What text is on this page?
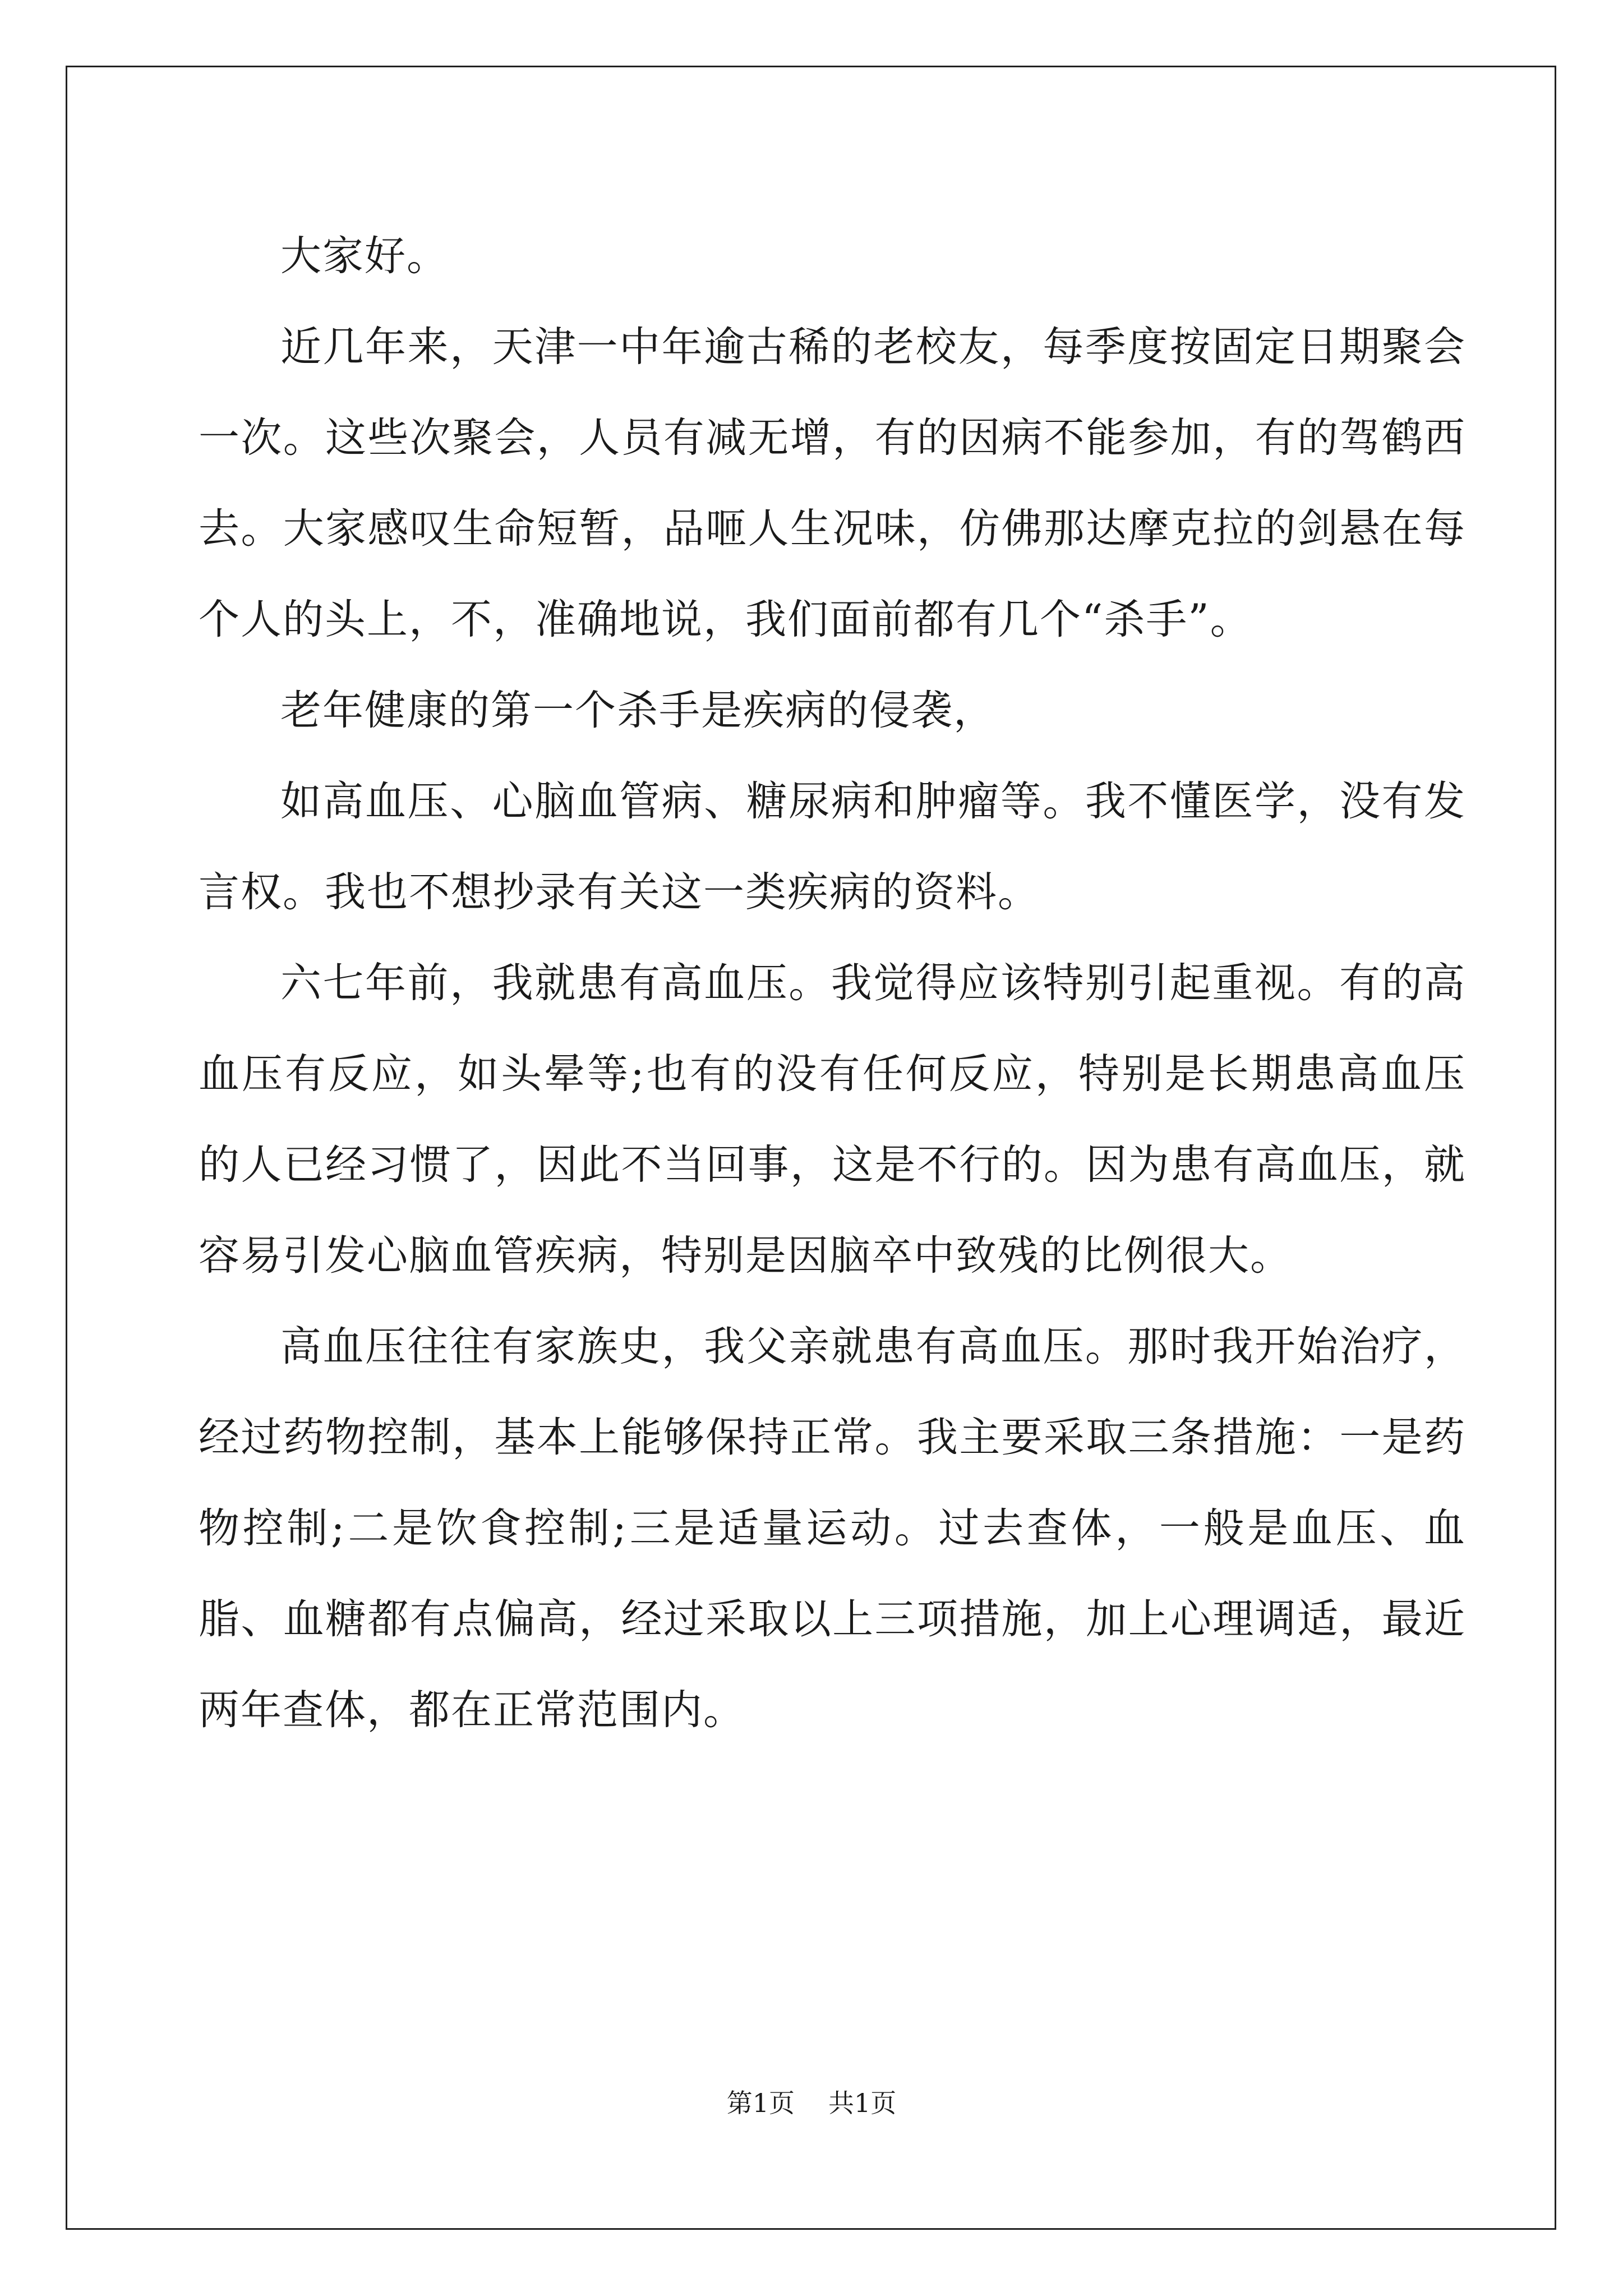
大家好。

近几年来，天津一中年逾古稀的老校友，每季度按固定日期聚会一次。这些次聚会，人员有减无增，有的因病不能参加，有的驾鹤西去。大家感叹生命短暂，品咂人生况味，仿佛那达摩克拉的剑悬在每个人的头上，不，准确地说，我们面前都有几个“杀手”。

老年健康的第一个杀手是疾病的侵袭，

如高血压、心脑血管病、糖尿病和肿瘤等。我不懂医学，没有发言权。我也不想抄录有关这一类疾病的资料。

六七年前，我就患有高血压。我觉得应该特别引起重视。有的高血压有反应，如头晕等;也有的没有任何反应，特别是长期患高血压的人已经习惯了，因此不当回事，这是不行的。因为患有高血压，就容易引发心脑血管疾病，特别是因脑卒中致残的比例很大。

高血压往往有家族史，我父亲就患有高血压。那时我开始治疗，经过药物控制，基本上能够保持正常。我主要采取三条措施：一是药物控制;二是饮食控制;三是适量运动。过去查体，一般是血压、血脂、血糖都有点偏高，经过采取以上三项措施，加上心理调适，最近两年查体，都在正常范围内。

第1页 共1页
